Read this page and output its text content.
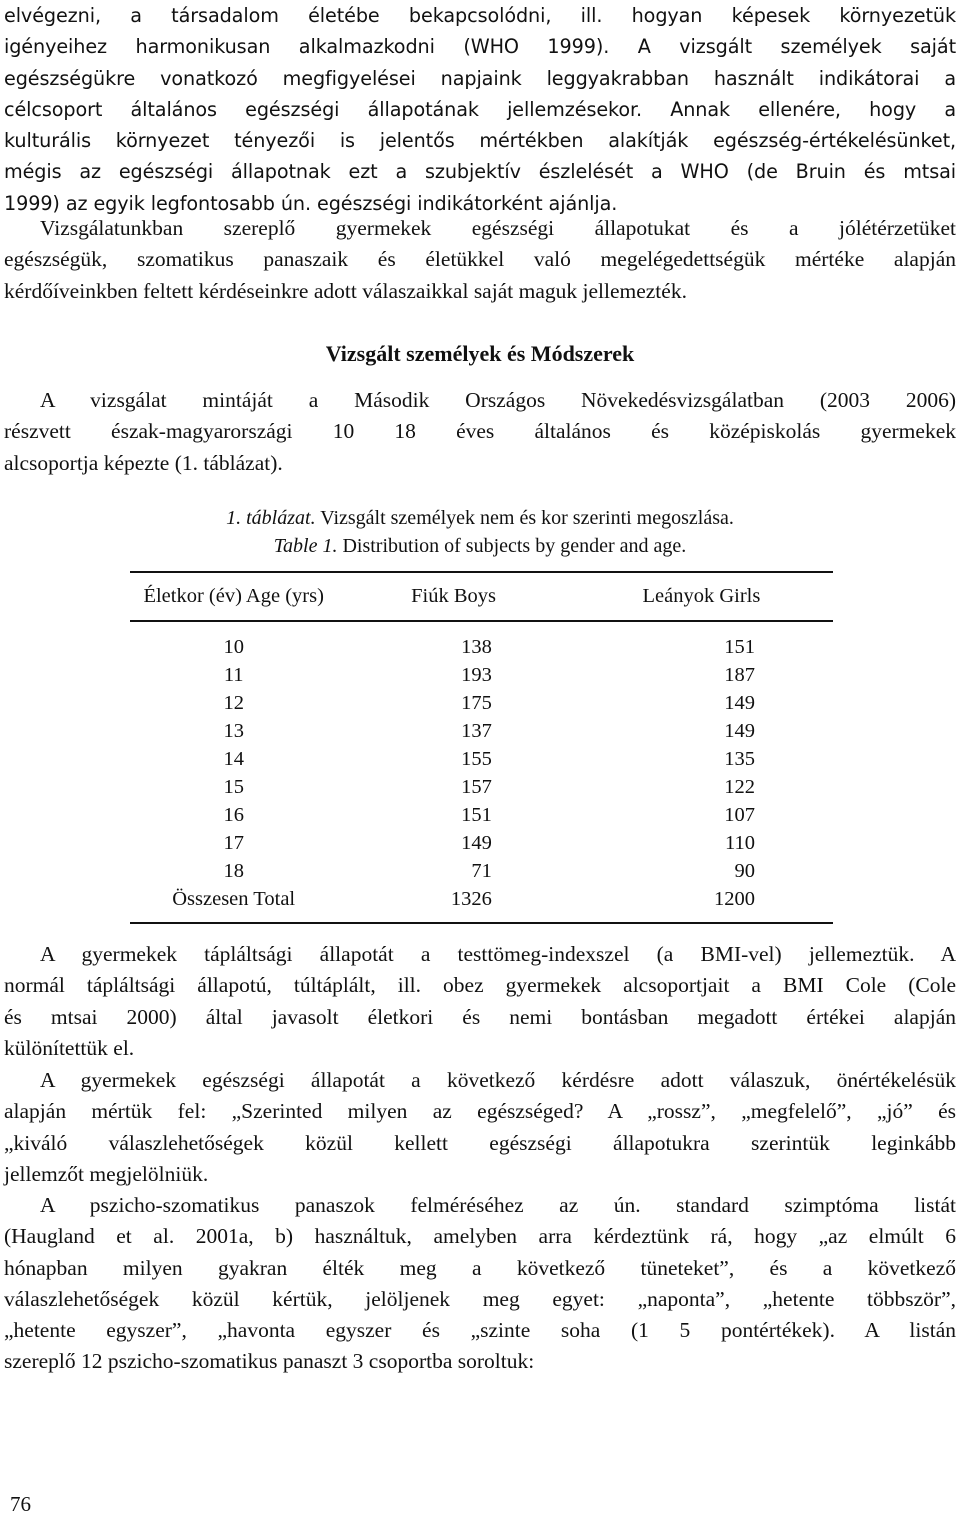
elvégezni, a társadalom életébe bekapcsolódni, ill. hogyan képesek környezetük
igényeihez harmonikusan alkalmazkodni (WHO 1999). A vizsgált személyek saját
egészségükre vonatkozó megfigyelései napjaink leggyakrabban használt indikátorai a
célcsoport általános egészségi állapotának jellemzésekor. Annak ellenére, hogy a
kulturális környezet tényezői is jelentős mértékben alakítják egészség-értékelésünket,
mégis az egészségi állapotnak ezt a szubjektív észlelését a WHO (de Bruin és mtsai
1999) az egyik legfontosabb ún. egészségi indikátorként ajánlja.
Vizsgálatunkban szereplő gyermekek egészségi állapotukat és a jólétérzetüket
egészségük, szomatikus panaszaik és életükkel való megelégedettségük mértéke alapján
kérdőíveinkben feltett kérdéseinkre adott válaszaikkal saját maguk jellemezték.
Vizsgált személyek és Módszerek
A vizsgálat mintáját a Második Országos Növekedésvizsgálatban (2003 2006)
részvett észak-magyarországi 10 18 éves általános és középiskolás gyermekek
alcsoportja képezte (1. táblázat).
1. táblázat. Vizsgált személyek nem és kor szerinti megoszlása.
Table 1. Distribution of subjects by gender and age.
Életkor (év) Age (yrs)	Fiúk Boys	Leányok Girls

10	138	151
11	193	187
12	175	149
13	137	149
14	155	135
15	157	122
16	151	107
17	149	110
18	71	90
Összesen Total	1326	1200

A gyermekek tápláltsági állapotát a testtömeg-indexszel (a BMI-vel) jellemeztük. A
normál tápláltsági állapotú, túltáplált, ill. obez gyermekek alcsoportjait a BMI Cole (Cole
és mtsai 2000) által javasolt életkori és nemi bontásban megadott értékei alapján
különítettük el.
A gyermekek egészségi állapotát a következő kérdésre adott válaszuk, önértékelésük
alapján mértük fel: „Szerinted milyen az egészséged? A „rossz”, „megfelelő”, „jó” és
„kiváló válaszlehetőségek közül kellett egészségi állapotukra szerintük leginkább
jellemzőt megjelölniük.
A pszicho-szomatikus panaszok felméréséhez az ún. standard szimptóma listát
(Haugland et al. 2001a, b) használtuk, amelyben arra kérdeztünk rá, hogy „az elmúlt 6
hónapban milyen gyakran élték meg a következő tüneteket”, és a következő
válaszlehetőségek közül kértük, jelöljenek meg egyet: „naponta”, „hetente többször”,
„hetente egyszer”, „havonta egyszer és „szinte soha (1 5 pontértékek). A listán
szereplő 12 pszicho-szomatikus panaszt 3 csoportba soroltuk:
76
